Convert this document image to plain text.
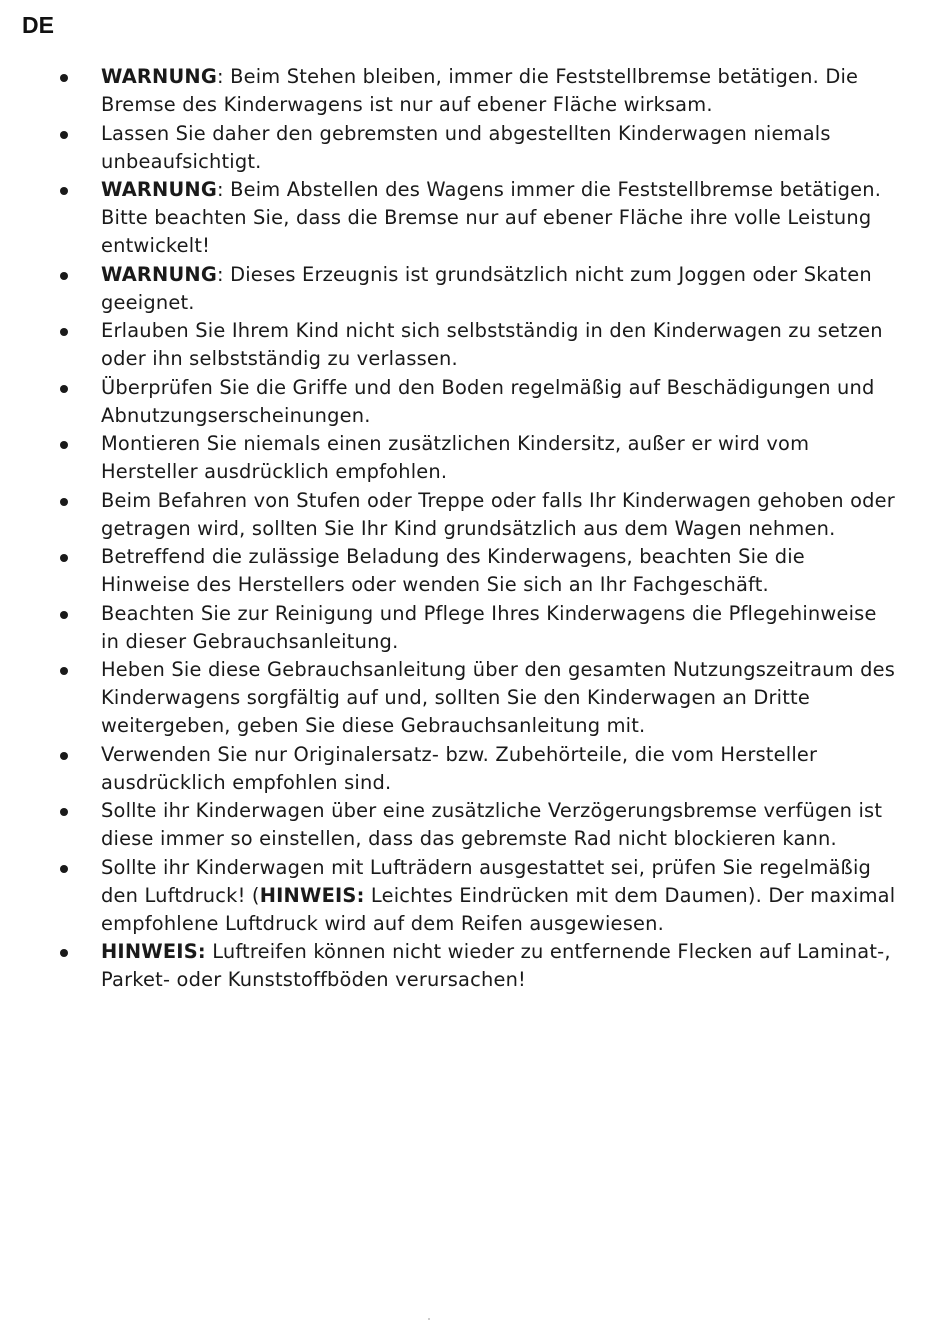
DE
WARNUNG: Beim Stehen bleiben, immer die Feststellbremse betätigen. Die Bremse des Kinderwagens ist nur auf ebener Fläche wirksam.
Lassen Sie daher den gebremsten und abgestellten Kinderwagen niemals unbeaufsichtigt.
WARNUNG: Beim Abstellen des Wagens immer die Feststellbremse betätigen. Bitte beachten Sie, dass die Bremse nur auf ebener Fläche ihre volle Leistung entwickelt!
WARNUNG: Dieses Erzeugnis ist grundsätzlich nicht zum Joggen oder Skaten geeignet.
Erlauben Sie Ihrem Kind nicht sich selbstständig in den Kinderwagen zu setzen oder ihn selbstständig zu verlassen.
Überprüfen Sie die Griffe und den Boden regelmäßig auf Beschädigungen und Abnutzungserscheinungen.
Montieren Sie niemals einen zusätzlichen Kindersitz, außer er wird vom Hersteller ausdrücklich empfohlen.
Beim Befahren von Stufen oder Treppe oder falls Ihr Kinderwagen gehoben oder getragen wird, sollten Sie Ihr Kind grundsätzlich aus dem Wagen nehmen.
Betreffend die zulässige Beladung des Kinderwagens, beachten Sie die Hinweise des Herstellers oder wenden Sie sich an Ihr Fachgeschäft.
Beachten Sie zur Reinigung und Pflege Ihres Kinderwagens die Pflegehinweise in dieser Gebrauchsanleitung.
Heben Sie diese Gebrauchsanleitung über den gesamten Nutzungszeitraum des Kinderwagens sorgfältig auf und, sollten Sie den Kinderwagen an Dritte weitergeben, geben Sie diese Gebrauchsanleitung mit.
Verwenden Sie nur Originalersatz- bzw. Zubehörteile, die vom Hersteller ausdrücklich empfohlen sind.
Sollte ihr Kinderwagen über eine zusätzliche Verzögerungsbremse verfügen ist diese immer so einstellen, dass das gebremste Rad nicht blockieren kann.
Sollte ihr Kinderwagen mit Lufträdern ausgestattet sei, prüfen Sie regelmäßig den Luftdruck! (HINWEIS: Leichtes Eindrücken mit dem Daumen). Der maximal empfohlene Luftdruck wird auf dem Reifen ausgewiesen.
HINWEIS: Luftreifen können nicht wieder zu entfernende Flecken auf Laminat-, Parket- oder Kunststoffböden verursachen!
